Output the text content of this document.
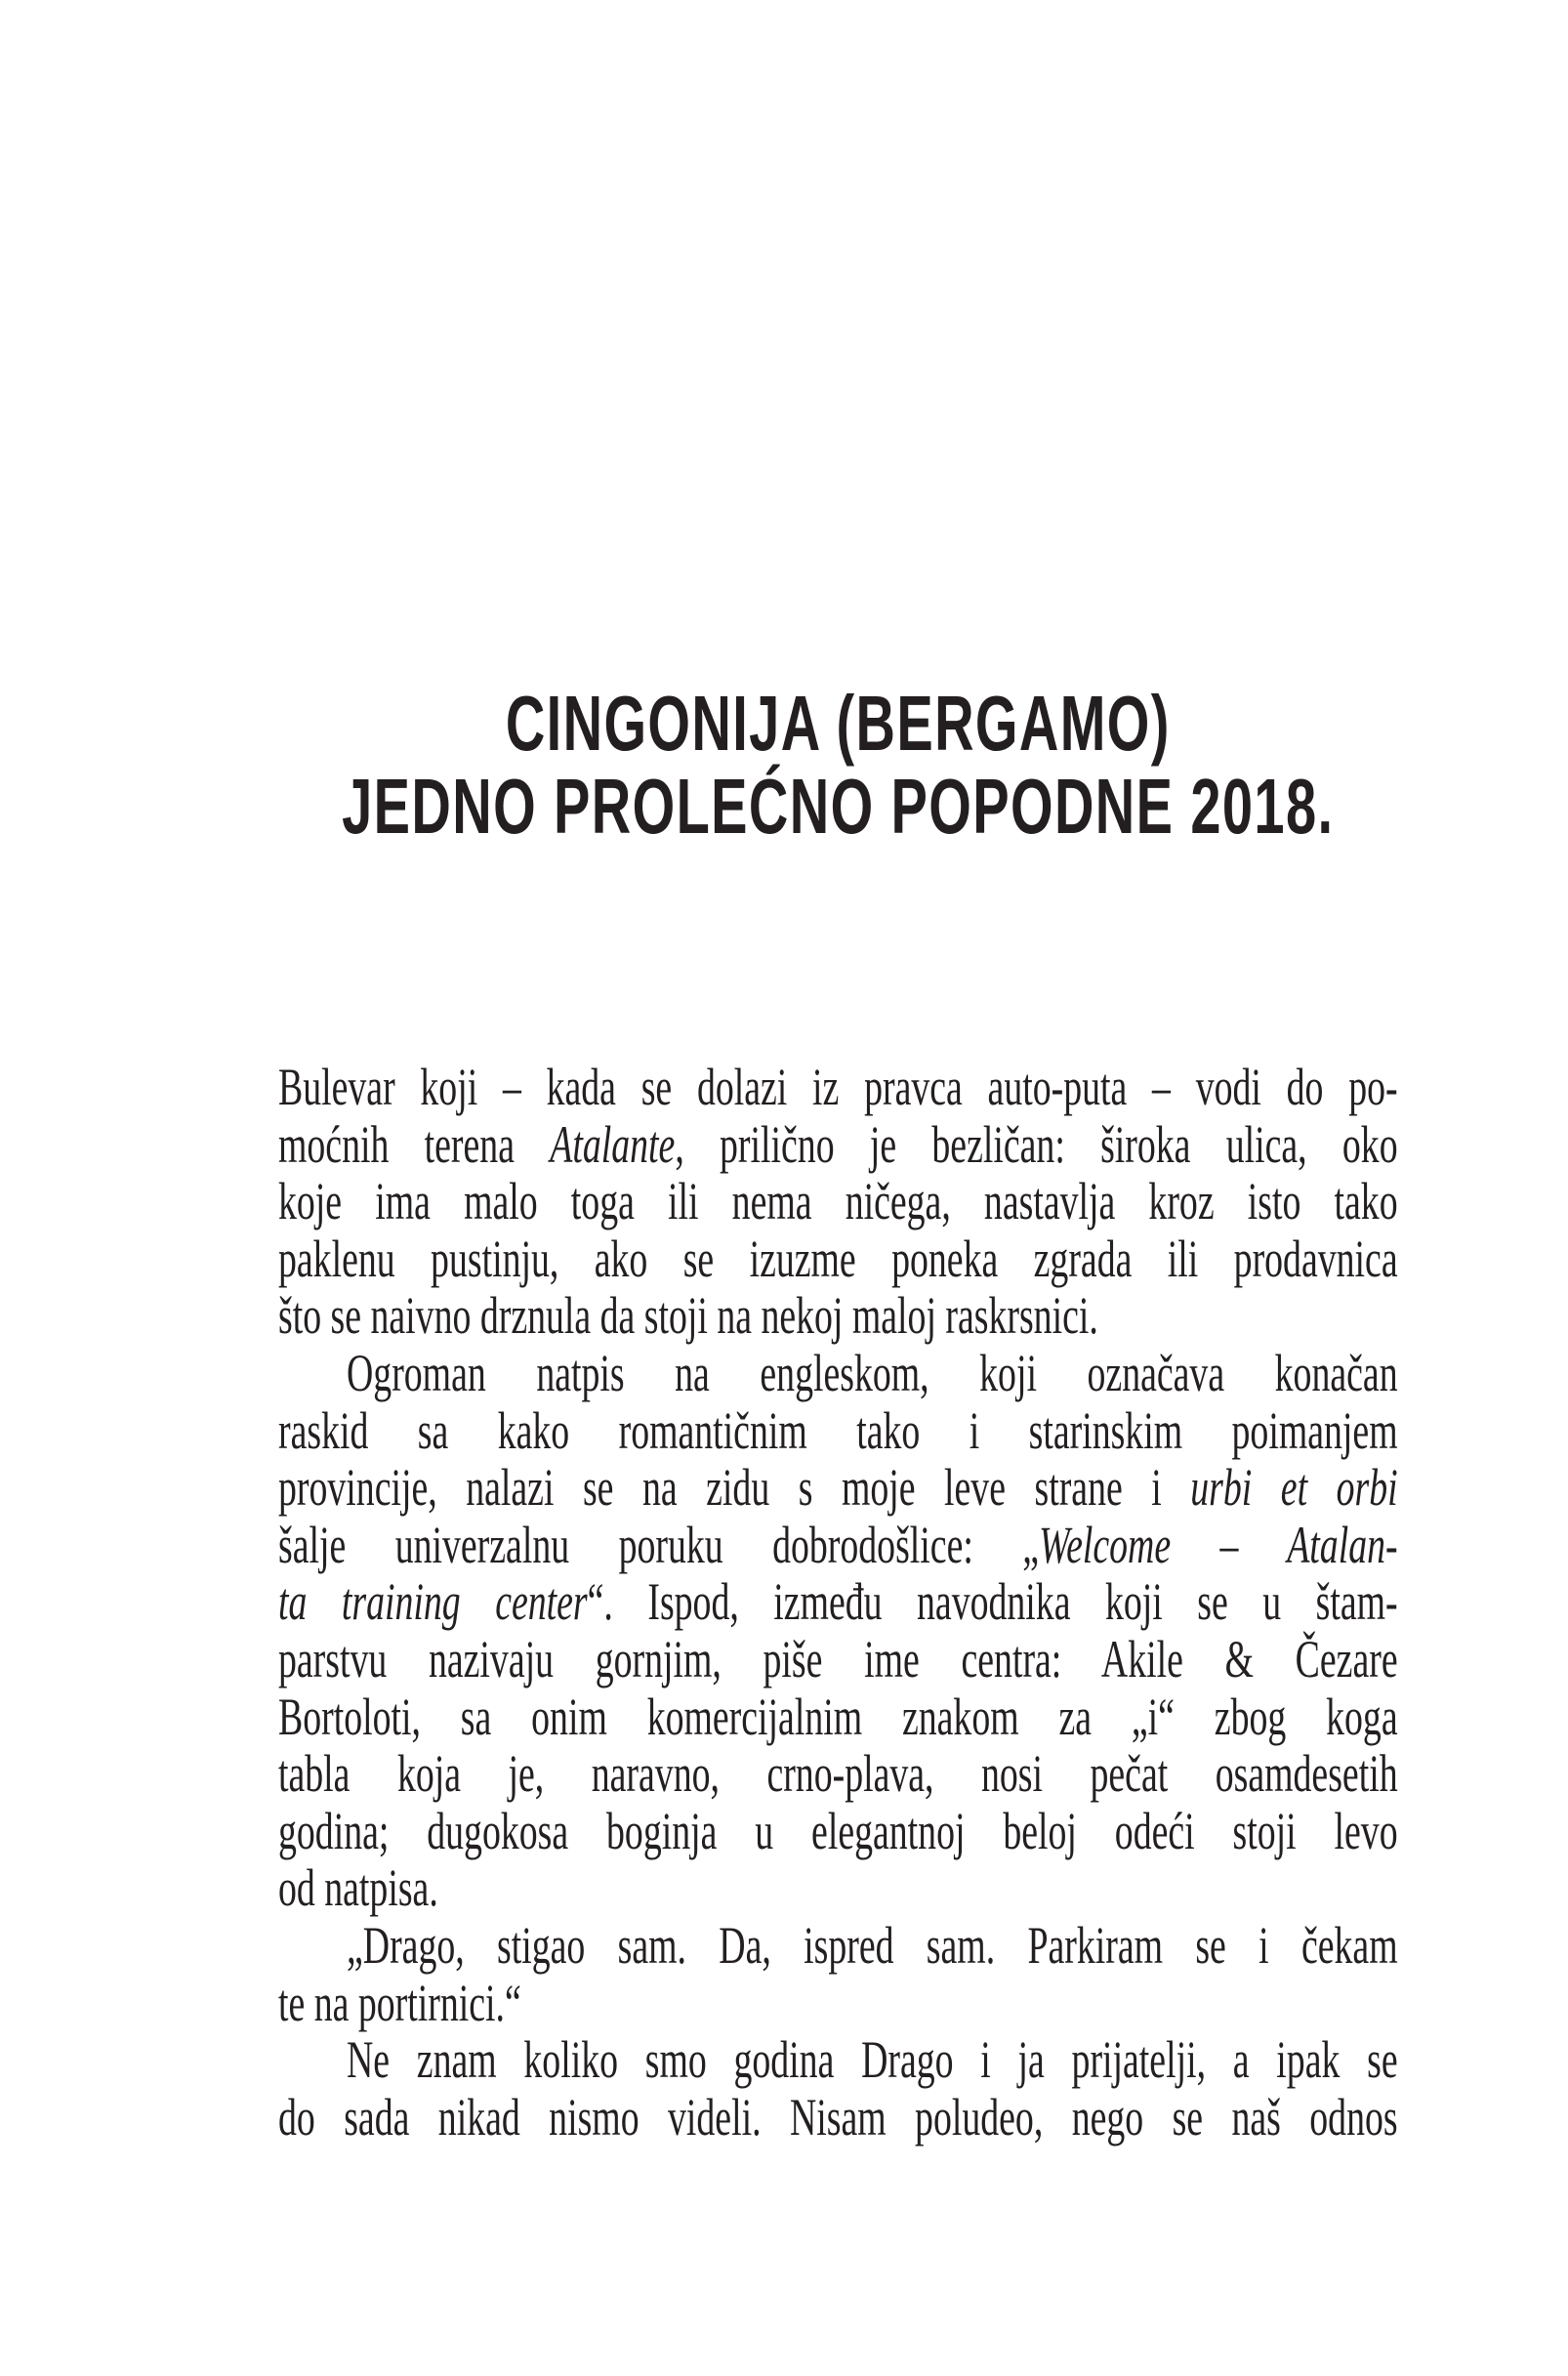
CINGONIJA (BERGAMO)
JEDNO PROLEĆNO POPODNE 2018.
Bulevar koji – kada se dolazi iz pravca auto-puta – vodi do po-
moćnih terena Atalante, prilično je bezličan: široka ulica, oko
koje ima malo toga ili nema ničega, nastavlja kroz isto tako
paklenu pustinju, ako se izuzme poneka zgrada ili prodavnica
što se naivno drznula da stoji na nekoj maloj raskrsnici.
Ogroman natpis na engleskom, koji označava konačan
raskid sa kako romantičnim tako i starinskim poimanjem
provincije, nalazi se na zidu s moje leve strane i urbi et orbi
šalje univerzalnu poruku dobrodošlice: „Welcome – Atalan-
ta training center“. Ispod, između navodnika koji se u štam-
parstvu nazivaju gornjim, piše ime centra: Akile & Čezare
Bortoloti, sa onim komercijalnim znakom za „i“ zbog koga
tabla koja je, naravno, crno-plava, nosi pečat osamdesetih
godina; dugokosa boginja u elegantnoj beloj odeći stoji levo
od natpisa.
„Drago, stigao sam. Da, ispred sam. Parkiram se i čekam
te na portirnici.“
Ne znam koliko smo godina Drago i ja prijatelji, a ipak se
do sada nikad nismo videli. Nisam poludeo, nego se naš odnos
